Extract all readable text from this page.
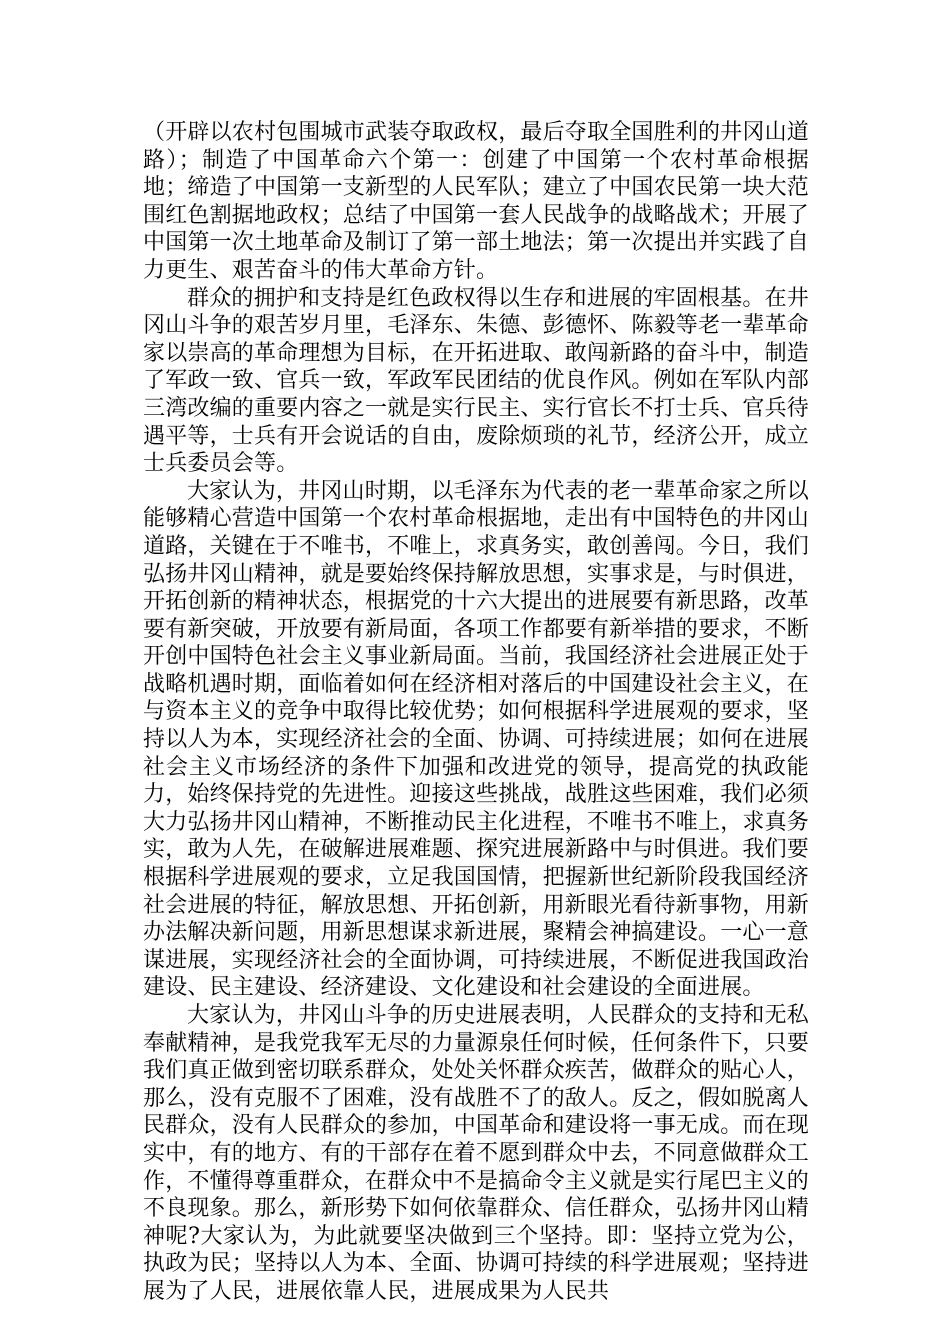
（开辟以农村包围城市武装夺取政权，最后夺取全国胜利的井冈山道路）；制造了中国革命六个第一：创建了中国第一个农村革命根据地；缔造了中国第一支新型的人民军队；建立了中国农民第一块大范围红色割据地政权；总结了中国第一套人民战争的战略战术；开展了中国第一次土地革命及制订了第一部土地法；第一次提出并实践了自力更生、艰苦奋斗的伟大革命方针。

群众的拥护和支持是红色政权得以生存和进展的牢固根基。在井冈山斗争的艰苦岁月里，毛泽东、朱德、彭德怀、陈毅等老一辈革命家以崇高的革命理想为目标，在开拓进取、敢闯新路的奋斗中，制造了军政一致、官兵一致，军政军民团结的优良作风。例如在军队内部三湾改编的重要内容之一就是实行民主、实行官长不打士兵、官兵待遇平等，士兵有开会说话的自由，废除烦琐的礼节，经济公开，成立士兵委员会等。

大家认为，井冈山时期，以毛泽东为代表的老一辈革命家之所以能够精心营造中国第一个农村革命根据地，走出有中国特色的井冈山道路，关键在于不唯书，不唯上，求真务实，敢创善闯。今日，我们弘扬井冈山精神，就是要始终保持解放思想，实事求是，与时俱进，开拓创新的精神状态，根据党的十六大提出的进展要有新思路，改革要有新突破，开放要有新局面，各项工作都要有新举措的要求，不断开创中国特色社会主义事业新局面。当前，我国经济社会进展正处于战略机遇时期，面临着如何在经济相对落后的中国建设社会主义，在与资本主义的竞争中取得比较优势；如何根据科学进展观的要求，坚持以人为本，实现经济社会的全面、协调、可持续进展；如何在进展社会主义市场经济的条件下加强和改进党的领导，提高党的执政能力，始终保持党的先进性。迎接这些挑战，战胜这些困难，我们必须大力弘扬井冈山精神，不断推动民主化进程，不唯书不唯上，求真务实，敢为人先，在破解进展难题、探究进展新路中与时俱进。我们要根据科学进展观的要求，立足我国国情，把握新世纪新阶段我国经济社会进展的特征，解放思想、开拓创新，用新眼光看待新事物，用新办法解决新问题，用新思想谋求新进展，聚精会神搞建设。一心一意谋进展，实现经济社会的全面协调，可持续进展，不断促进我国政治建设、民主建设、经济建设、文化建设和社会建设的全面进展。

大家认为，井冈山斗争的历史进展表明，人民群众的支持和无私奉献精神，是我党我军无尽的力量源泉任何时候，任何条件下，只要我们真正做到密切联系群众，处处关怀群众疾苦，做群众的贴心人，那么，没有克服不了困难，没有战胜不了的敌人。反之，假如脱离人民群众，没有人民群众的参加，中国革命和建设将一事无成。而在现实中，有的地方、有的干部存在着不愿到群众中去，不同意做群众工作，不懂得尊重群众，在群众中不是搞命令主义就是实行尾巴主义的不良现象。那么，新形势下如何依靠群众、信任群众，弘扬井冈山精神呢?大家认为，为此就要坚决做到三个坚持。即：坚持立党为公，执政为民；坚持以人为本、全面、协调可持续的科学进展观；坚持进展为了人民，进展依靠人民，进展成果为人民共
